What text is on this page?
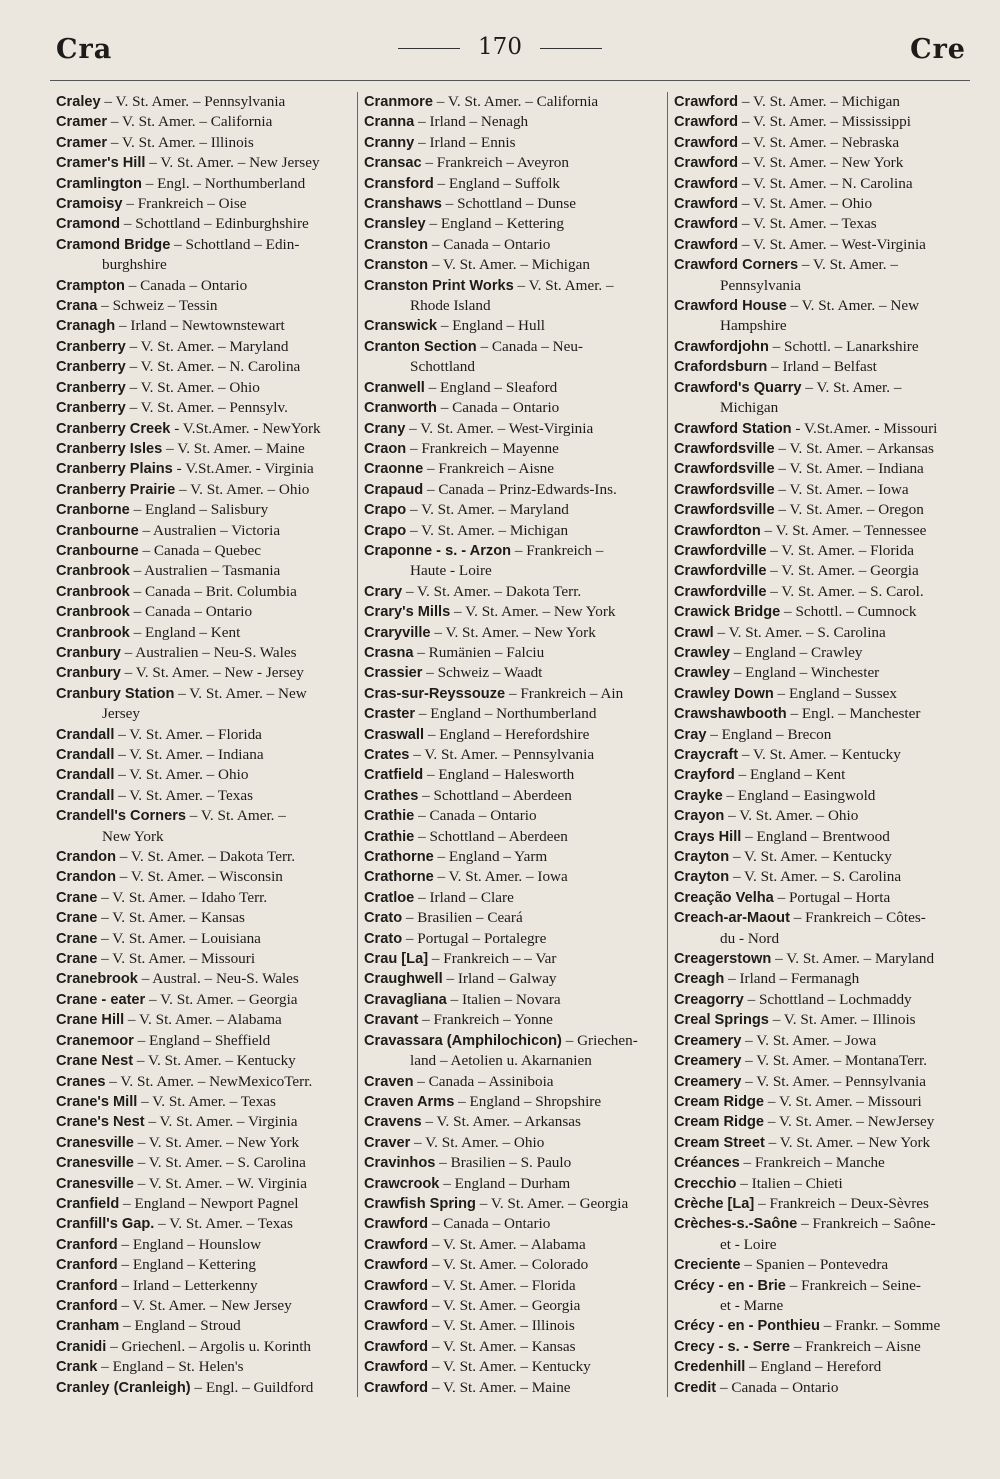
Cra	170	Cre
Craley – V. St. Amer. – Pennsylvania
Cramer – V. St. Amer. – California
Cramer – V. St. Amer. – Illinois
Cramer's Hill – V. St. Amer. – New Jersey
Cramlington – Engl. – Northumberland
Cramoisy – Frankreich – Oise
Cramond – Schottland – Edinburghshire
Cramond Bridge – Schottland – Edin-
burghshire
Crampton – Canada – Ontario
Crana – Schweiz – Tessin
Cranagh – Irland – Newtownstewart
Cranberry – V. St. Amer. – Maryland
Cranberry – V. St. Amer. – N. Carolina
Cranberry – V. St. Amer. – Ohio
Cranberry – V. St. Amer. – Pennsylv.
Cranberry Creek - V.St.Amer. - NewYork
Cranberry Isles – V. St. Amer. – Maine
Cranberry Plains - V.St.Amer. - Virginia
Cranberry Prairie – V. St. Amer. – Ohio
Cranborne – England – Salisbury
Cranbourne – Australien – Victoria
Cranbourne – Canada – Quebec
Cranbrook – Australien – Tasmania
Cranbrook – Canada – Brit. Columbia
Cranbrook – Canada – Ontario
Cranbrook – England – Kent
Cranbury – Australien – Neu-S. Wales
Cranbury – V. St. Amer. – New - Jersey
Cranbury Station – V. St. Amer. – New
Jersey
Crandall – V. St. Amer. – Florida
Crandall – V. St. Amer. – Indiana
Crandall – V. St. Amer. – Ohio
Crandall – V. St. Amer. – Texas
Crandell's Corners – V. St. Amer. –
New York
Crandon – V. St. Amer. – Dakota Terr.
Crandon – V. St. Amer. – Wisconsin
Crane – V. St. Amer. – Idaho Terr.
Crane – V. St. Amer. – Kansas
Crane – V. St. Amer. – Louisiana
Crane – V. St. Amer. – Missouri
Cranebrook – Austral. – Neu-S. Wales
Crane - eater – V. St. Amer. – Georgia
Crane Hill – V. St. Amer. – Alabama
Cranemoor – England – Sheffield
Crane Nest – V. St. Amer. – Kentucky
Cranes – V. St. Amer. – NewMexicoTerr.
Crane's Mill – V. St. Amer. – Texas
Crane's Nest – V. St. Amer. – Virginia
Cranesville – V. St. Amer. – New York
Cranesville – V. St. Amer. – S. Carolina
Cranesville – V. St. Amer. – W. Virginia
Cranfield – England – Newport Pagnel
Cranfill's Gap. – V. St. Amer. – Texas
Cranford – England – Hounslow
Cranford – England – Kettering
Cranford – Irland – Letterkenny
Cranford – V. St. Amer. – New Jersey
Cranham – England – Stroud
Cranidi – Griechenl. – Argolis u. Korinth
Crank – England – St. Helen's
Cranley (Cranleigh) – Engl. – Guildford
Cranmore – V. St. Amer. – California
Cranna – Irland – Nenagh
Cranny – Irland – Ennis
Cransac – Frankreich – Aveyron
Cransford – England – Suffolk
Cranshaws – Schottland – Dunse
Cransley – England – Kettering
Cranston – Canada – Ontario
Cranston – V. St. Amer. – Michigan
Cranston Print Works – V. St. Amer. –
Rhode Island
Cranswick – England – Hull
Cranton Section – Canada – Neu-
Schottland
Cranwell – England – Sleaford
Cranworth – Canada – Ontario
Crany – V. St. Amer. – West-Virginia
Craon – Frankreich – Mayenne
Craonne – Frankreich – Aisne
Crapaud – Canada – Prinz-Edwards-Ins.
Crapo – V. St. Amer. – Maryland
Crapo – V. St. Amer. – Michigan
Craponne - s. - Arzon – Frankreich –
Haute - Loire
Crary – V. St. Amer. – Dakota Terr.
Crary's Mills – V. St. Amer. – New York
Craryville – V. St. Amer. – New York
Crasna – Rumänien – Falciu
Crassier – Schweiz – Waadt
Cras-sur-Reyssouze – Frankreich – Ain
Craster – England – Northumberland
Craswall – England – Herefordshire
Crates – V. St. Amer. – Pennsylvania
Cratfield – England – Halesworth
Crathes – Schottland – Aberdeen
Crathie – Canada – Ontario
Crathie – Schottland – Aberdeen
Crathorne – England – Yarm
Crathorne – V. St. Amer. – Iowa
Cratloe – Irland – Clare
Crato – Brasilien – Ceará
Crato – Portugal – Portalegre
Crau [La] – Frankreich – – Var
Craughwell – Irland – Galway
Cravagliana – Italien – Novara
Cravant – Frankreich – Yonne
Cravassara (Amphilochicon) – Griechen-
land – Aetolien u. Akarnanien
Craven – Canada – Assiniboia
Craven Arms – England – Shropshire
Cravens – V. St. Amer. – Arkansas
Craver – V. St. Amer. – Ohio
Cravinhos – Brasilien – S. Paulo
Crawcrook – England – Durham
Crawfish Spring – V. St. Amer. – Georgia
Crawford – Canada – Ontario
Crawford – V. St. Amer. – Alabama
Crawford – V. St. Amer. – Colorado
Crawford – V. St. Amer. – Florida
Crawford – V. St. Amer. – Georgia
Crawford – V. St. Amer. – Illinois
Crawford – V. St. Amer. – Kansas
Crawford – V. St. Amer. – Kentucky
Crawford – V. St. Amer. – Maine
Crawford – V. St. Amer. – Michigan
Crawford – V. St. Amer. – Mississippi
Crawford – V. St. Amer. – Nebraska
Crawford – V. St. Amer. – New York
Crawford – V. St. Amer. – N. Carolina
Crawford – V. St. Amer. – Ohio
Crawford – V. St. Amer. – Texas
Crawford – V. St. Amer. – West-Virginia
Crawford Corners – V. St. Amer. –
Pennsylvania
Crawford House – V. St. Amer. – New
Hampshire
Crawfordjohn – Schottl. – Lanarkshire
Crafordsburn – Irland – Belfast
Crawford's Quarry – V. St. Amer. –
Michigan
Crawford Station - V.St.Amer. - Missouri
Crawfordsville – V. St. Amer. – Arkansas
Crawfordsville – V. St. Amer. – Indiana
Crawfordsville – V. St. Amer. – Iowa
Crawfordsville – V. St. Amer. – Oregon
Crawfordton – V. St. Amer. – Tennessee
Crawfordville – V. St. Amer. – Florida
Crawfordville – V. St. Amer. – Georgia
Crawfordville – V. St. Amer. – S. Carol.
Crawick Bridge – Schottl. – Cumnock
Crawl – V. St. Amer. – S. Carolina
Crawley – England – Crawley
Crawley – England – Winchester
Crawley Down – England – Sussex
Crawshawbooth – Engl. – Manchester
Cray – England – Brecon
Craycraft – V. St. Amer. – Kentucky
Crayford – England – Kent
Crayke – England – Easingwold
Crayon – V. St. Amer. – Ohio
Crays Hill – England – Brentwood
Crayton – V. St. Amer. – Kentucky
Crayton – V. St. Amer. – S. Carolina
Creação Velha – Portugal – Horta
Creach-ar-Maout – Frankreich – Côtes-
du - Nord
Creagerstown – V. St. Amer. – Maryland
Creagh – Irland – Fermanagh
Creagorry – Schottland – Lochmaddy
Creal Springs – V. St. Amer. – Illinois
Creamery – V. St. Amer. – Jowa
Creamery – V. St. Amer. – MontanaTerr.
Creamery – V. St. Amer. – Pennsylvania
Cream Ridge – V. St. Amer. – Missouri
Cream Ridge – V. St. Amer. – NewJersey
Cream Street – V. St. Amer. – New York
Créances – Frankreich – Manche
Crecchio – Italien – Chieti
Crèche [La] – Frankreich – Deux-Sèvres
Crèches-s.-Saône – Frankreich – Saône-
et - Loire
Creciente – Spanien – Pontevedra
Crécy - en - Brie – Frankreich – Seine-
et - Marne
Crécy - en - Ponthieu – Frankr. – Somme
Crecy - s. - Serre – Frankreich – Aisne
Credenhill – England – Hereford
Credit – Canada – Ontario
